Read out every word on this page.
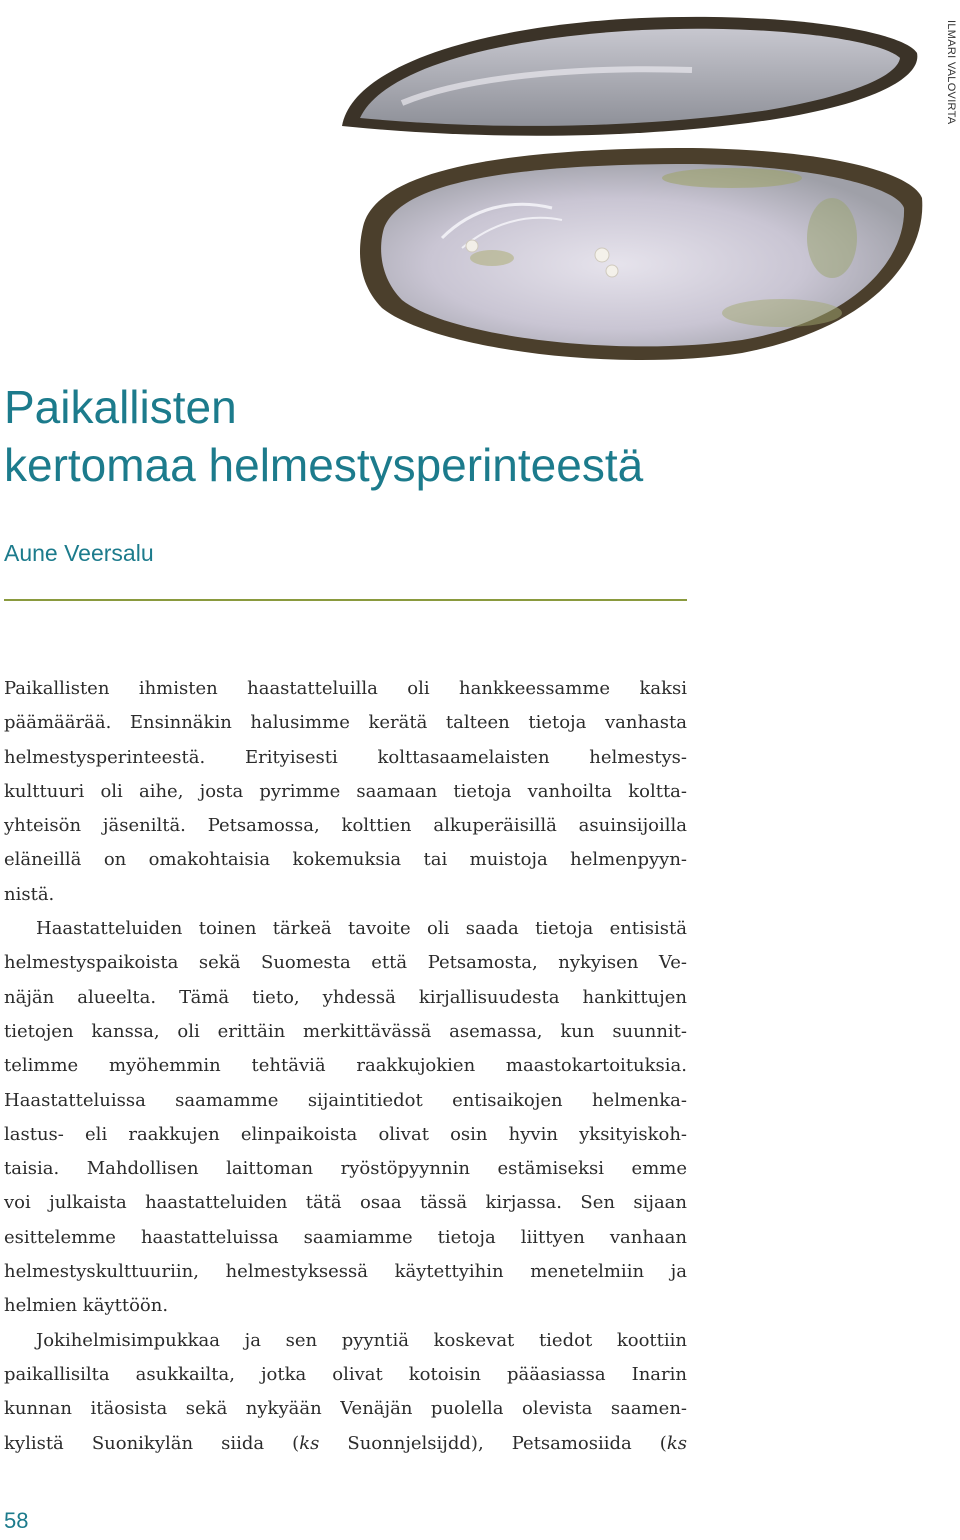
ILMARI VALOVIRTA
Paikallisten
kertomaa helmestysperinteestä
Aune Veersalu

Paikallisten ihmisten haastatteluilla oli hankkeessamme kaksi
päämäärää. Ensinnäkin halusimme kerätä talteen tietoja vanhasta
helmestysperinteestä. Erityisesti kolttasaamelaisten helmestys-
kulttuuri oli aihe, josta pyrimme saamaan tietoja vanhoilta koltta-
yhteisön jäseniltä. Petsamossa, kolttien alkuperäisillä asuinsijoilla
eläneillä on omakohtaisia kokemuksia tai muistoja helmenpyyn-
nistä.

Haastatteluiden toinen tärkeä tavoite oli saada tietoja entisistä
helmestyspaikoista sekä Suomesta että Petsamosta, nykyisen Ve-
näjän alueelta. Tämä tieto, yhdessä kirjallisuudesta hankittujen
tietojen kanssa, oli erittäin merkittävässä asemassa, kun suunnit-
telimme myöhemmin tehtäviä raakkujokien maastokartoituksia.
Haastatteluissa saamamme sijaintitiedot entisaikojen helmenka-
lastus- eli raakkujen elinpaikoista olivat osin hyvin yksityiskoh-
taisia. Mahdollisen laittoman ryöstöpyynnin estämiseksi emme
voi julkaista haastatteluiden tätä osaa tässä kirjassa. Sen sijaan
esittelemme haastatteluissa saamiamme tietoja liittyen vanhaan
helmestyskulttuuriin, helmestyksessä käytettyihin menetelmiin ja
helmien käyttöön.

Jokihelmisimpukkaa ja sen pyyntiä koskevat tiedot koottiin
paikallisilta asukkailta, jotka olivat kotoisin pääasiassa Inarin
kunnan itäosista sekä nykyään Venäjän puolella olevista saamen-
kylistä Suonikylän siida (ks Suonnjelsijdd), Petsamosiida (ks

58
